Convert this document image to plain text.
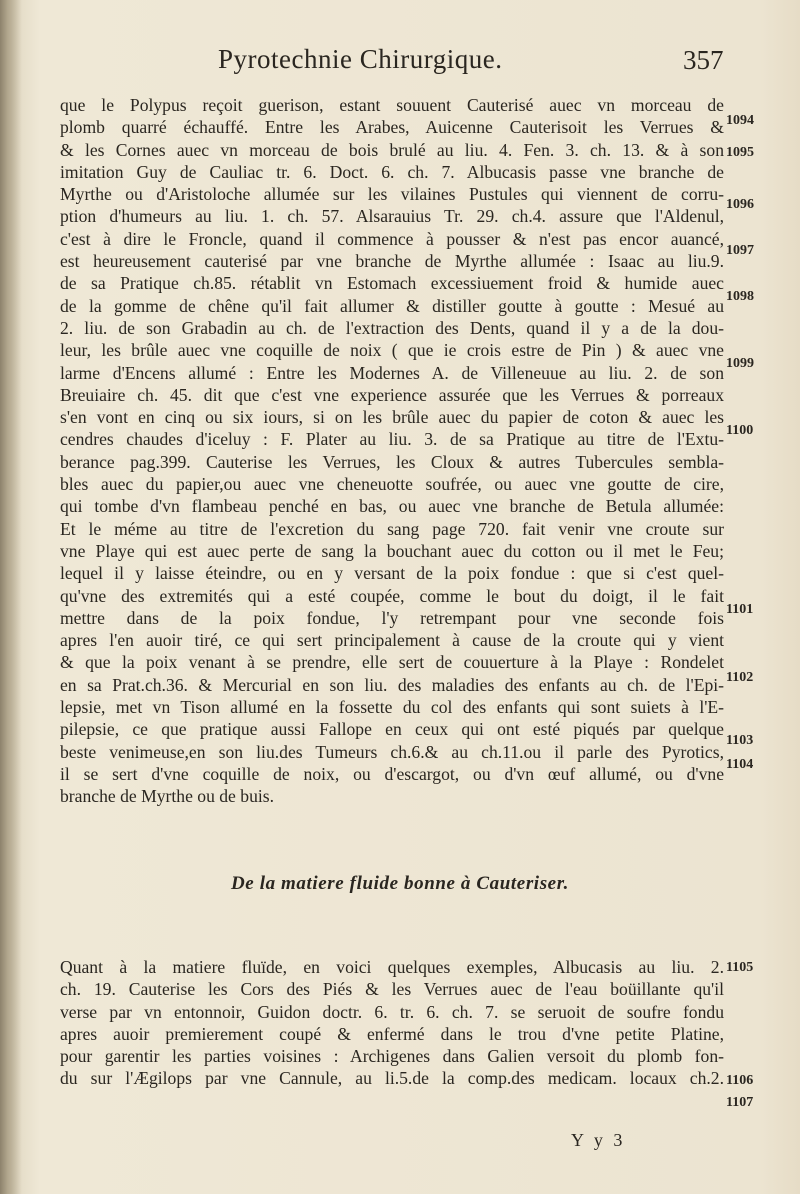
Pyrotechnie Chirurgique.	357
que le Polypus reçoit guerison, estant souuent Cauterisé auec vn morceau de
plomb quarré échauffé. Entre les Arabes, Auicenne Cauterisoit les Verrues &
& les Cornes auec vn morceau de bois brulé au liu. 4. Fen. 3. ch. 13. & à son
imitation Guy de Cauliac tr. 6. Doct. 6. ch. 7. Albucasis passe vne branche de
Myrthe ou d'Aristoloche allumée sur les vilaines Pustules qui viennent de corru-
ption d'humeurs au liu. 1. ch. 57. Alsarauius Tr. 29. ch.4. assure que l'Aldenul,
c'est à dire le Froncle, quand il commence à pousser & n'est pas encor auancé,
est heureusement cauterisé par vne branche de Myrthe allumée : Isaac au liu.9.
de sa Pratique ch.85. rétablit vn Estomach excessiuement froid & humide auec
de la gomme de chêne qu'il fait allumer & distiller goutte à goutte : Mesué au
2. liu. de son Grabadin au ch. de l'extraction des Dents, quand il y a de la dou-
leur, les brûle auec vne coquille de noix ( que ie crois estre de Pin ) & auec vne
larme d'Encens allumé : Entre les Modernes A. de Villeneuue au liu. 2. de son
Breuiaire ch. 45. dit que c'est vne experience assurée que les Verrues & porreaux
s'en vont en cinq ou six iours, si on les brûle auec du papier de coton & auec les
cendres chaudes d'iceluy : F. Plater au liu. 3. de sa Pratique au titre de l'Extu-
berance pag.399. Cauterise les Verrues, les Cloux & autres Tubercules sembla-
bles auec du papier,ou auec vne cheneuotte soufrée, ou auec vne goutte de cire,
qui tombe d'vn flambeau penché en bas, ou auec vne branche de Betula allumée:
Et le méme au titre de l'excretion du sang page 720. fait venir vne croute sur
vne Playe qui est auec perte de sang la bouchant auec du cotton ou il met le Feu;
lequel il y laisse éteindre, ou en y versant de la poix fondue : que si c'est quel-
qu'vne des extremités qui a esté coupée, comme le bout du doigt, il le fait
mettre dans de la poix fondue, l'y retrempant pour vne seconde fois
apres l'en auoir tiré, ce qui sert principalement à cause de la croute qui y vient
& que la poix venant à se prendre, elle sert de couuerture à la Playe : Rondelet
en sa Prat.ch.36. & Mercurial en son liu. des maladies des enfants au ch. de l'Epi-
lepsie, met vn Tison allumé en la fossette du col des enfants qui sont suiets à l'E-
pilepsie, ce que pratique aussi Fallope en ceux qui ont esté piqués par quelque
beste venimeuse,en son liu.des Tumeurs ch.6.& au ch.11.ou il parle des Pyrotics,
il se sert d'vne coquille de noix, ou d'escargot, ou d'vn œuf allumé, ou d'vne
branche de Myrthe ou de buis.
De la matiere fluide bonne à Cauteriser.
Quant à la matiere fluïde, en voici quelques exemples, Albucasis au liu. 2.
ch. 19. Cauterise les Cors des Piés & les Verrues auec de l'eau boüillante qu'il
verse par vn entonnoir, Guidon doctr. 6. tr. 6. ch. 7. se seruoit de soufre fondu
apres auoir premierement coupé & enfermé dans le trou d'vne petite Platine,
pour garentir les parties voisines : Archigenes dans Galien versoit du plomb fon-
du sur l'Ægilops par vne Cannule, au li.5.de la comp.des medicam. locaux ch.2.
1094
1095
1096
1097
1098
1099
1100
1101
1102
1103
1104
1105
1106
1107
Y y 3
